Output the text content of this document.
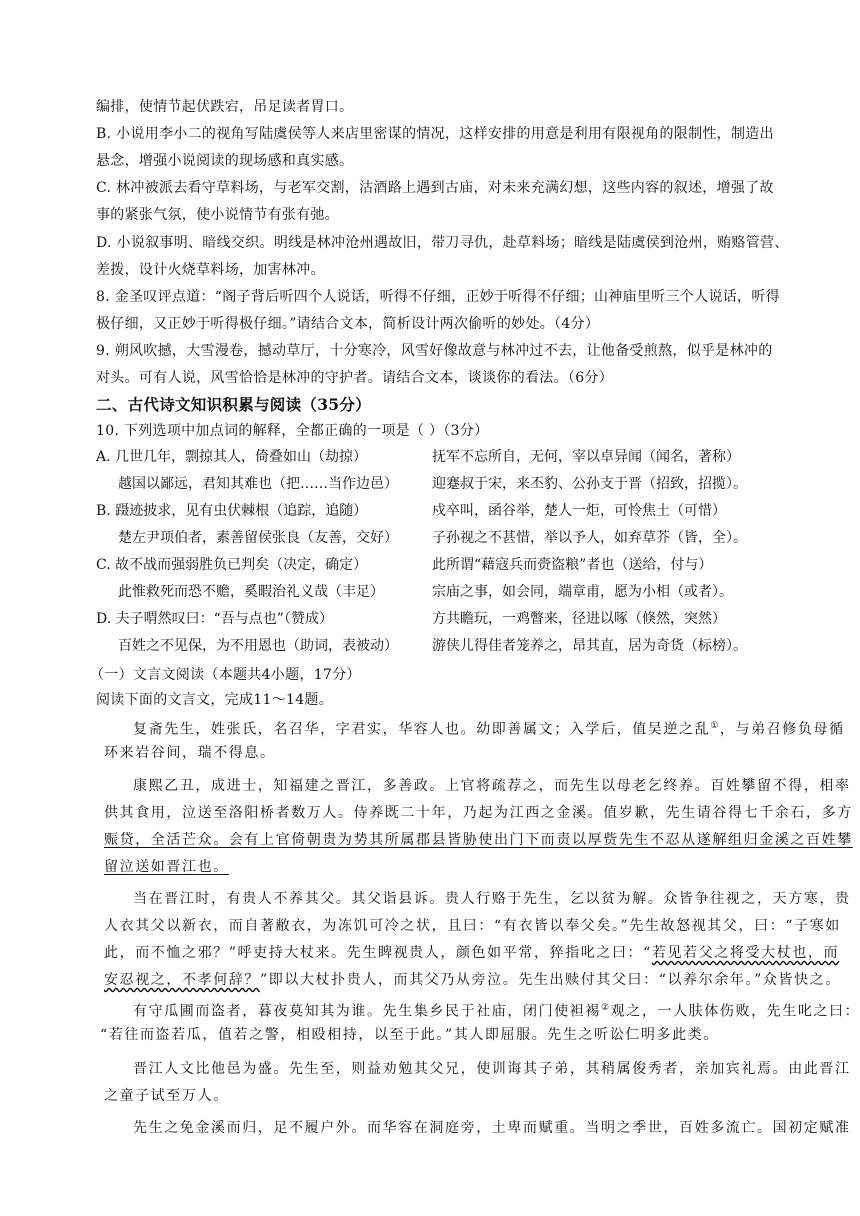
编排，使情节起伏跌宕，吊足读者胃口。
B. 小说用李小二的视角写陆虞侯等人来店里密谋的情况，这样安排的用意是利用有限视角的限制性，制造出
悬念，增强小说阅读的现场感和真实感。
C. 林冲被派去看守草料场，与老军交割，沽酒路上遇到古庙，对未来充满幻想，这些内容的叙述，增强了故
事的紧张气氛，使小说情节有张有弛。
D. 小说叙事明、暗线交织。明线是林冲沧州遇故旧，带刀寻仇，赴草料场；暗线是陆虞侯到沧州，贿赂管营、
差拨，设计火烧草料场，加害林冲。
8. 金圣叹评点道：“阁子背后听四个人说话，听得不仔细，正妙于听得不仔细；山神庙里听三个人说话，听得
极仔细，又正妙于听得极仔细。”请结合文本，简析设计两次偷听的妙处。（4分）
9. 朔风吹撼，大雪漫卷，撼动草厅，十分寒冷，风雪好像故意与林冲过不去，让他备受煎熬，似乎是林冲的
对头。可有人说，风雪恰恰是林冲的守护者。请结合文本，谈谈你的看法。（6分）
二、古代诗文知识积累与阅读（35分）
10. 下列选项中加点词的解释，全都正确的一项是（ ）（3分）
A. 几世几年，剽掠其人，倚叠如山（劫掠）	抚军不忘所自，无何，宰以卓异闻（闻名，著称）
越国以鄙远，君知其难也（把……当作边邑） 迎蹇叔于宋，来丕豹、公孙支于晋（招致，招揽）。
B. 蹑迹披求，见有虫伏棘根（追踪，追随）	戍卒叫，函谷举，楚人一炬，可怜焦土（可惜）
楚左尹项伯者，素善留侯张良（友善，交好） 子孙视之不甚惜，举以予人，如弃草芥（皆，全）。
C. 故不战而强弱胜负已判矣（决定，确定）	此所谓“藉寇兵而赍盗粮”者也（送给，付与）
此惟救死而恐不赡，奚暇治礼义哉（丰足）	宗庙之事，如会同，端章甫，愿为小相（或者）。
D. 夫子喟然叹曰：“吾与点也”（赞成）	方共瞻玩，一鸡瞥来，径进以啄（倏然，突然）
百姓之不见保，为不用恩也（助词，表被动） 游侠儿得佳者笼养之，昂其直，居为奇货（标榜）。
（一）文言文阅读（本题共4小题，17分）
阅读下面的文言文，完成11～14题。
复斋先生，姓张氏，名召华，字君实，华容人也。幼即善属文；入学后，值吴逆之乱①，与弟召修负母循
环来岩谷间，瑞不得息。
康熙乙丑，成进士，知福建之晋江，多善政。上官将疏荐之，而先生以母老乞终养。百姓攀留不得，相率
供其食用，泣送至洛阳桥者数万人。侍养既二十年，乃起为江西之金溪。值岁歉，先生请谷得七千余石，多方
赈贷，全活芒众。会有上官倚朝贵为势其所属郡县皆胁使出门下而责以厚赀先生不忍从遂解组归金溪之百姓攀
留泣送如晋江也。
当在晋江时，有贵人不养其父。其父诣县诉。贵人行赂于先生，乞以贫为解。众皆争往视之，天方寒，贵
人衣其父以新衣，而自著敝衣，为冻饥可冷之状，且曰：“有衣皆以奉父矣。”先生故怒视其父，曰：“子寒如
此，而不恤之邪？”呼吏持大杖来。先生睥视贵人，颜色如平常，猝指叱之曰：“若见若父之将受大杖也，而
安忍视之，不孝何辞？”即以大杖扑贵人，而其父乃从旁泣。先生出赎付其父曰：“以养尔余年。”众皆快之。
有守瓜圃而盗者，暮夜莫知其为谁。先生集乡民于社庙，闭门使袒裼②观之，一人肤体伤败，先生叱之曰：
“若往而盗若瓜，值若之警，相殴相持，以至于此。”其人即屈服。先生之听讼仁明多此类。
晋江人文比他邑为盛。先生至，则益劝勉其父兄，使训诲其子弟，其稍属俊秀者，亲加宾礼焉。由此晋江
之童子试至万人。
先生之免金溪而归，足不履户外。而华容在洞庭旁，土卑而赋重。当明之季世，百姓多流亡。国初定赋准
